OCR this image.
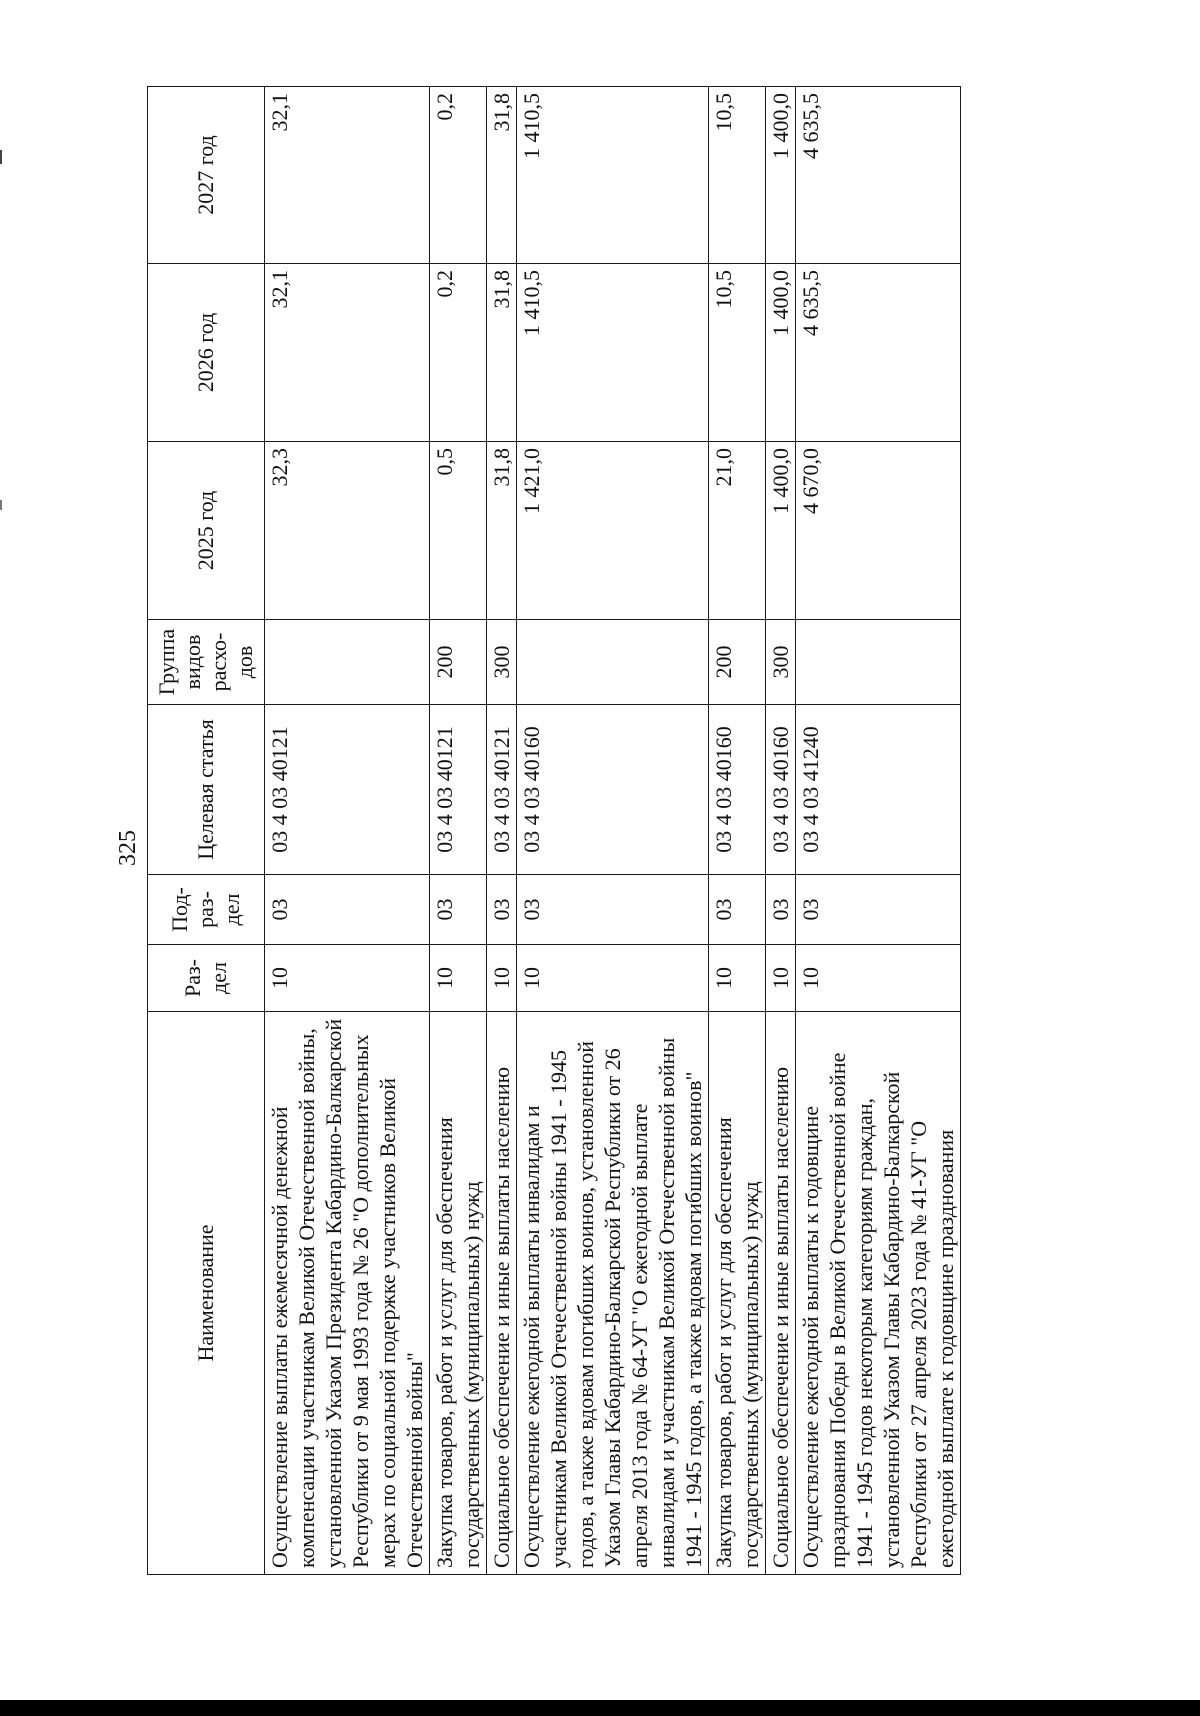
325
Наименование	Раз-дел	Под-раз-дел	Целевая статья	Группа видов расхо-дов	2025 год	2026 год	2027 год
Осуществление выплаты ежемесячной денежной компенсации участникам Великой Отечественной войны, установленной Указом Президента Кабардино-Балкарской Республики от 9 мая 1993 года № 26 "О дополнительных мерах по социальной подержке участников Великой Отечественной войны"	10	03	03 4 03 40121		32,3	32,1	32,1
Закупка товаров, работ и услуг для обеспечения государственных (муниципальных) нужд	10	03	03 4 03 40121	200	0,5	0,2	0,2
Социальное обеспечение и иные выплаты населению	10	03	03 4 03 40121	300	31,8	31,8	31,8
Осуществление ежегодной выплаты инвалидам и участникам Великой Отечественной войны 1941 - 1945 годов, а также вдовам погибших воинов, установленной Указом Главы Кабардино-Балкарской Республики от 26 апреля 2013 года № 64-УГ "О ежегодной выплате инвалидам и участникам Великой Отечественной войны 1941 - 1945 годов, а также вдовам погибших воинов"	10	03	03 4 03 40160		1 421,0	1 410,5	1 410,5
Закупка товаров, работ и услуг для обеспечения государственных (муниципальных) нужд	10	03	03 4 03 40160	200	21,0	10,5	10,5
Социальное обеспечение и иные выплаты населению	10	03	03 4 03 40160	300	1 400,0	1 400,0	1 400,0
Осуществление ежегодной выплаты к годовщине празднования Победы в Великой Отечественной войне 1941 - 1945 годов некоторым категориям граждан, установленной Указом Главы Кабардино-Балкарской Республики от 27 апреля 2023 года № 41-УГ "О ежегодной выплате к годовщине празднования	10	03	03 4 03 41240		4 670,0	4 635,5	4 635,5
